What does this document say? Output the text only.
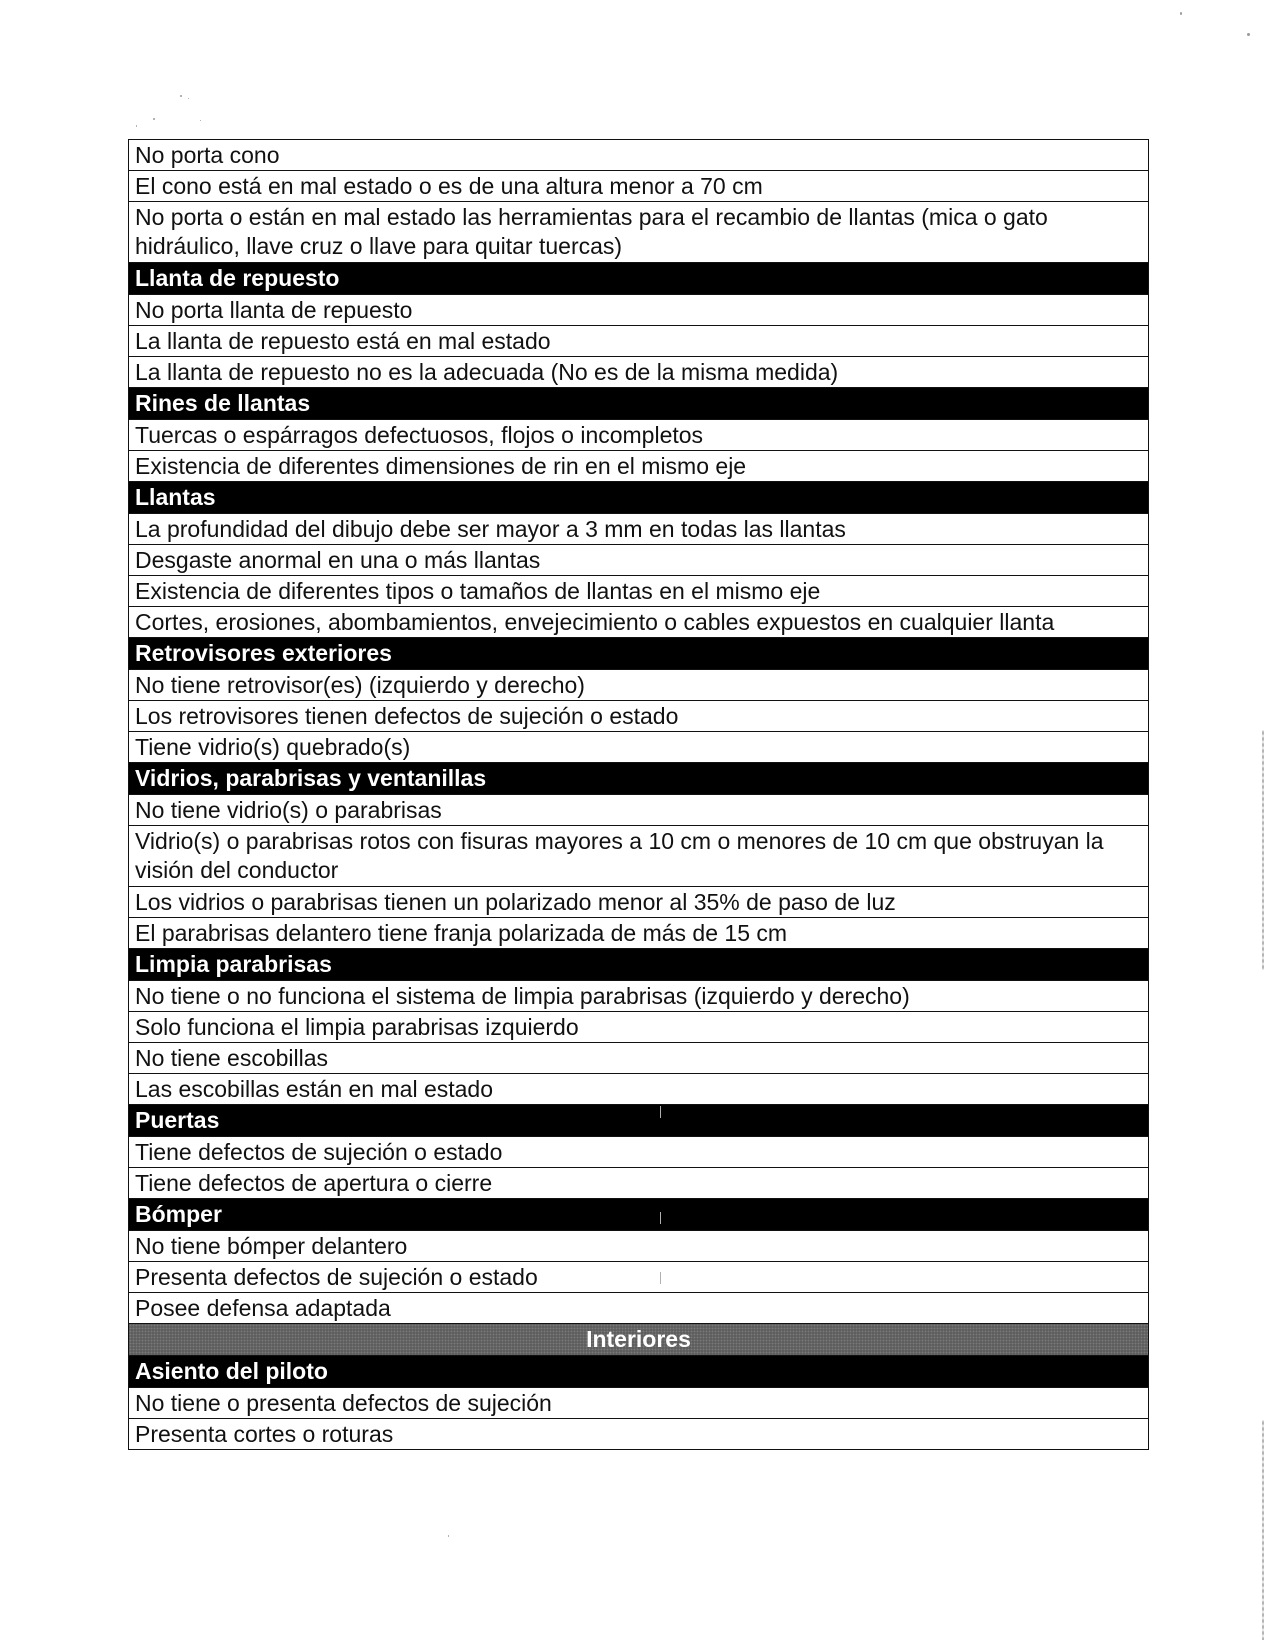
No porta cono
El cono está en mal estado o es de una altura menor a 70 cm
No porta o están en mal estado las herramientas para el recambio de llantas (mica o gato hidráulico, llave cruz o llave para quitar tuercas)
Llanta de repuesto
No porta llanta de repuesto
La llanta de repuesto está en mal estado
La llanta de repuesto no es la adecuada (No es de la misma medida)
Rines de llantas
Tuercas o espárragos defectuosos, flojos o incompletos
Existencia de diferentes dimensiones de rin en el mismo eje
Llantas
La profundidad del dibujo debe ser mayor a 3 mm en todas las llantas
Desgaste anormal en una o más llantas
Existencia de diferentes tipos o tamaños de llantas en el mismo eje
Cortes, erosiones, abombamientos, envejecimiento o cables expuestos en cualquier llanta
Retrovisores exteriores
No tiene retrovisor(es) (izquierdo y derecho)
Los retrovisores tienen defectos de sujeción o estado
Tiene vidrio(s) quebrado(s)
Vidrios, parabrisas y ventanillas
No tiene vidrio(s) o parabrisas
Vidrio(s) o parabrisas rotos con fisuras mayores a 10 cm o menores de 10 cm que obstruyan la visión del conductor
Los vidrios o parabrisas tienen un polarizado menor al 35% de paso de luz
El parabrisas delantero tiene franja polarizada de más de 15 cm
Limpia parabrisas
No tiene o no funciona el sistema de limpia parabrisas (izquierdo y derecho)
Solo funciona el limpia parabrisas izquierdo
No tiene escobillas
Las escobillas están en mal estado
Puertas
Tiene defectos de sujeción o estado
Tiene defectos de apertura o cierre
Bómper
No tiene bómper delantero
Presenta defectos de sujeción o estado
Posee defensa adaptada
Interiores
Asiento del piloto
No tiene o presenta defectos de sujeción
Presenta cortes o roturas
